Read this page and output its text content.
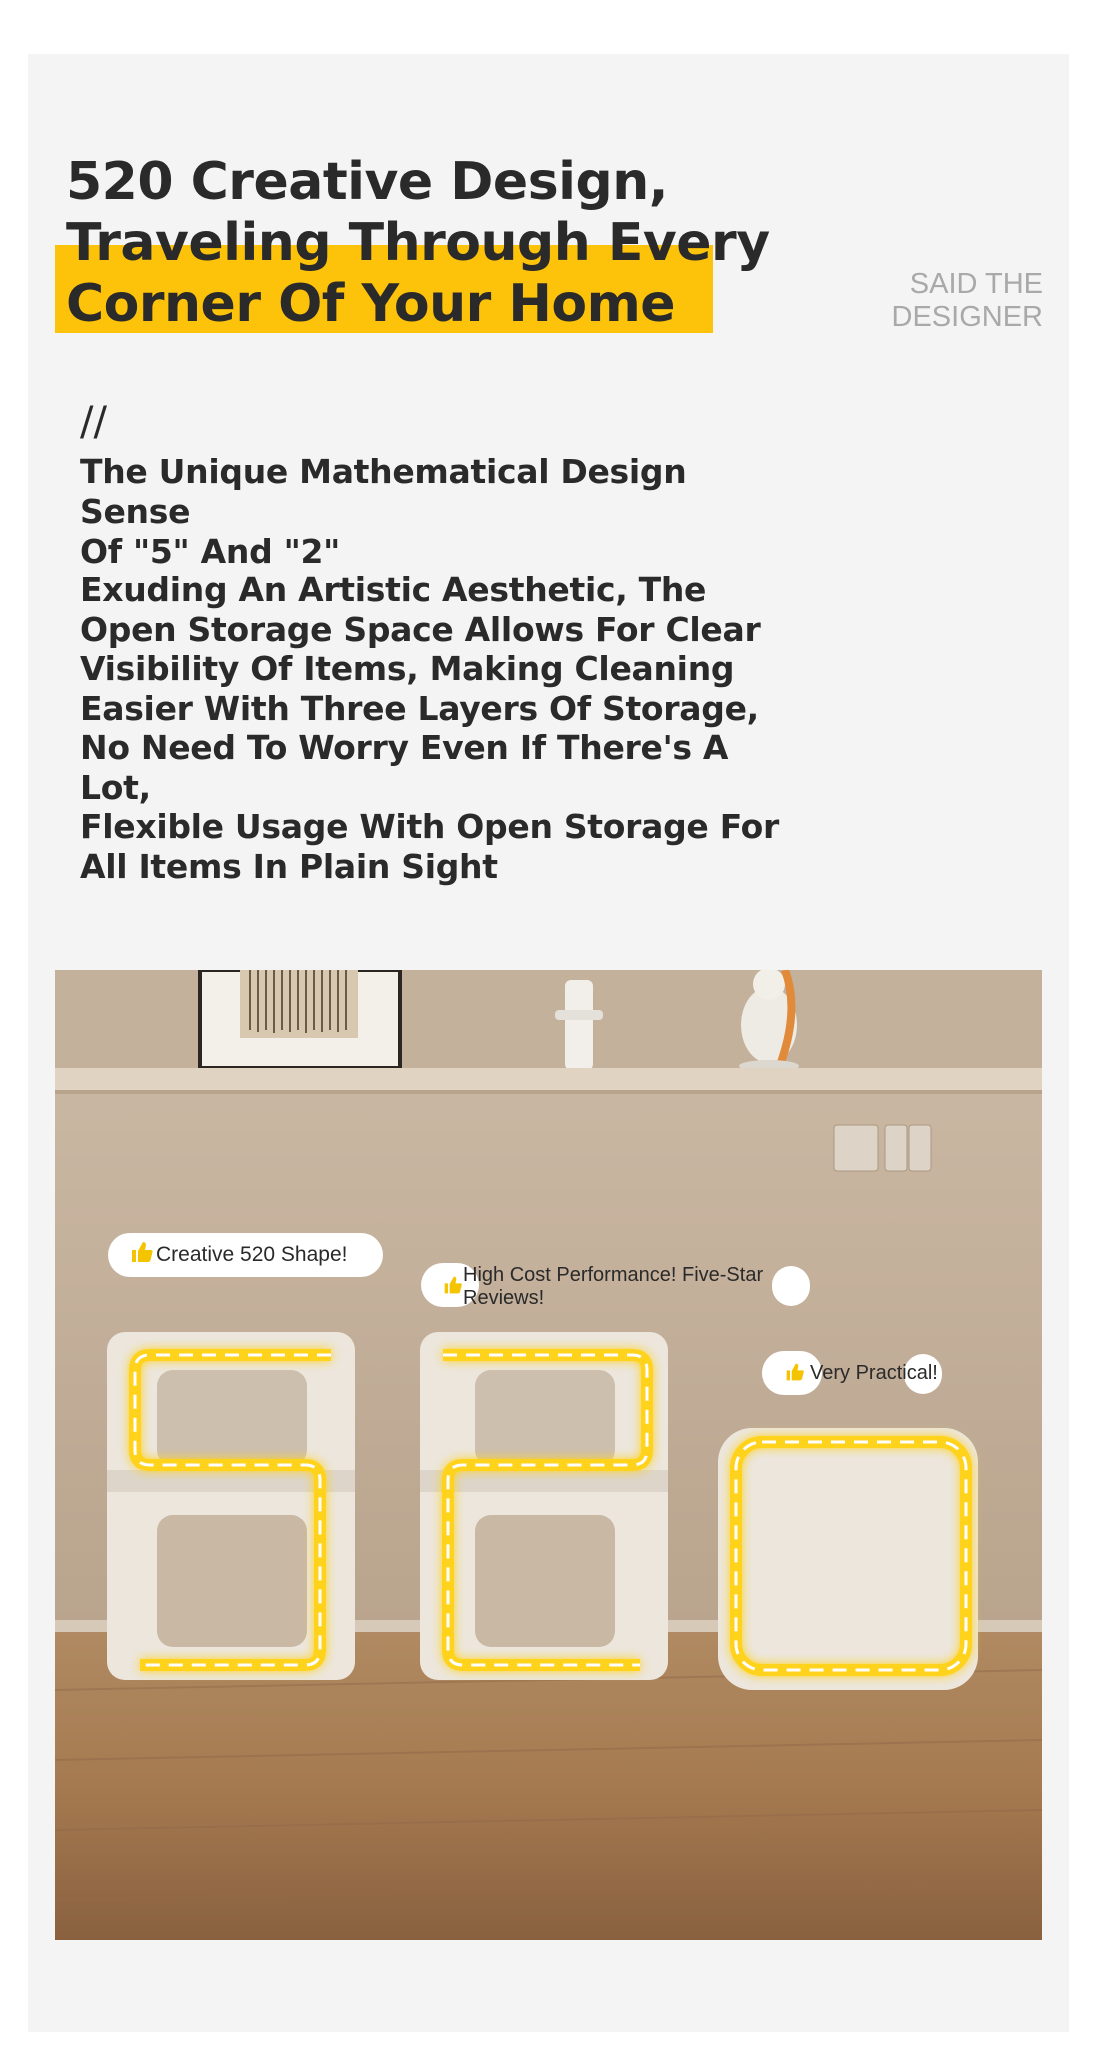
520 Creative Design,
Traveling Through Every
Corner Of Your Home	SAID THE
DESIGNER
//
The Unique Mathematical Design Sense
Of "5" And "2"
Exuding An Artistic Aesthetic, The
Open Storage Space Allows For Clear
Visibility Of Items, Making Cleaning
Easier With Three Layers Of Storage,
No Need To Worry Even If There's A Lot,
Flexible Usage With Open Storage For
All Items In Plain Sight
Creative 520 Shape!
High Cost Performance! Five-Star Reviews!
Very Practical!
